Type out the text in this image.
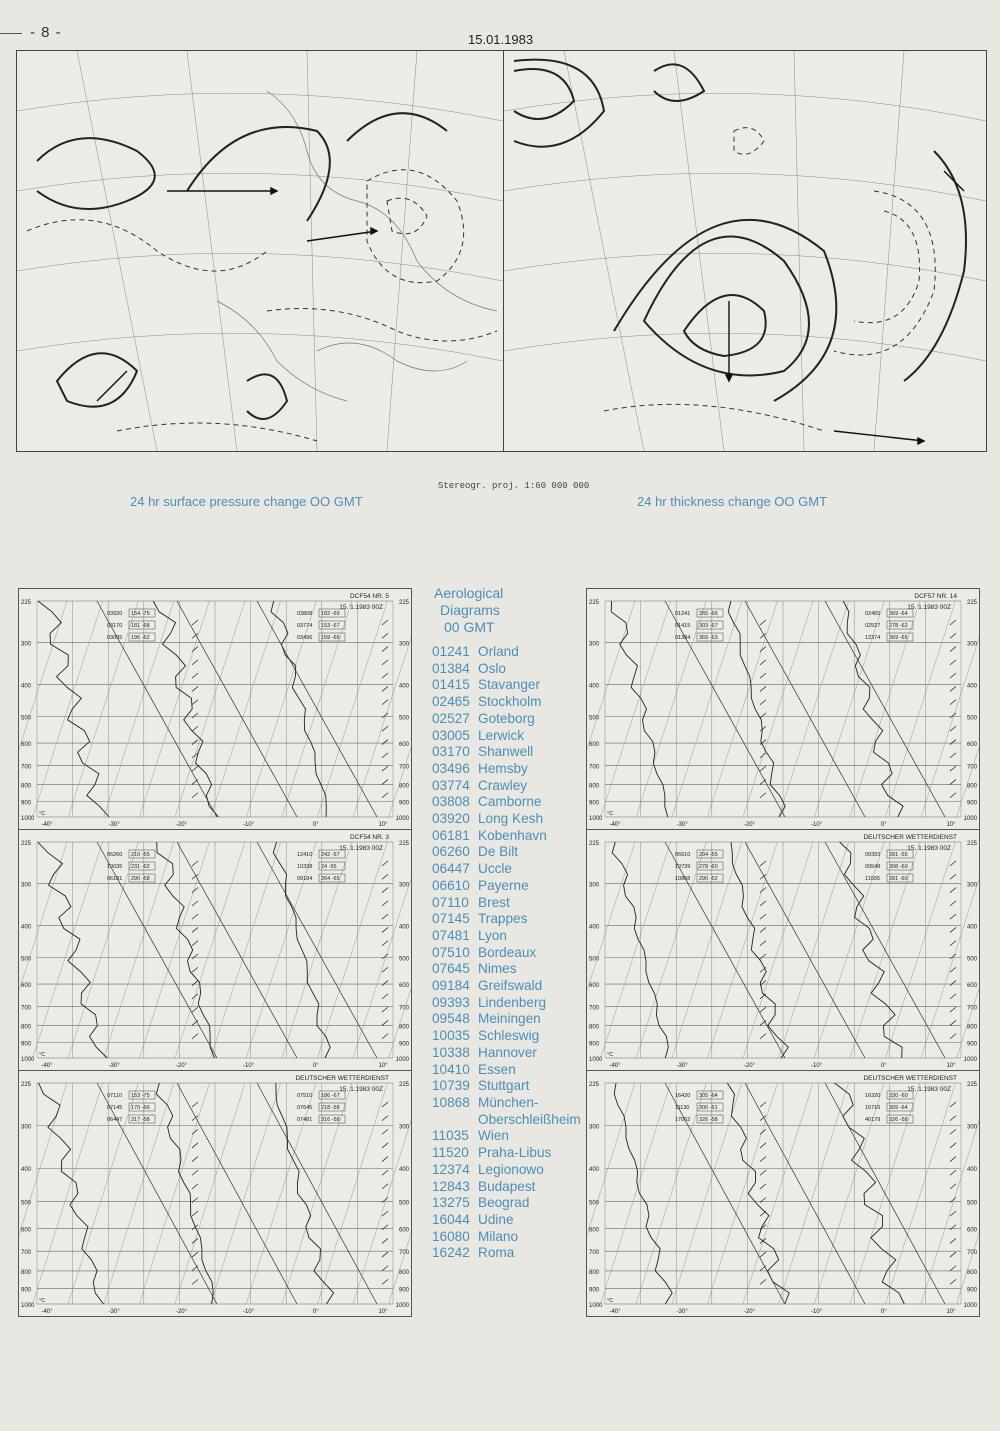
- 8 -	15.01.1983
Stereogr. proj. 1:60 000 000
24 hr surface pressure change OO GMT	24 hr thickness change OO GMT
225	225
300	300
400	400
500	500
600	600
700	700
800	800
900	900
1000	1000
-40°	-30°	-20°	-10°	0°	10°
DCF54 NR. 5
15. 1.1983 00Z
03920 154 -75
03170 181 -68
03005 196 -62
03808 182 -69
03774 153 -67
03496 159 -66
°C
225	225
300	300
400	400
500	500
600	600
700	700
800	800
900	900
1000	1000
-40°	-30°	-20°	-10°	0°	10°
DCF54 NR. 3
15. 1.1983 00Z
06260 210 -55
10035 231 -62
06181 290 -58
12410 242 -57
10338 24 -55
09184 264 -65
°C
225	225
300	300
400	400
500	500
600	600
700	700
800	800
900	900
1000	1000
-40°	-30°	-20°	-10°	0°	10°
DEUTSCHER WETTERDIENST
15. 1.1983 00Z
07110 153 -75
07145 170 -66
06447 317 -58
07510 186 -67
07645 218 -58
07481 316 -58
°C
225	225
300	300
400	400
500	500
600	600
700	700
800	800
900	900
1000	1000
-40°	-30°	-20°	-10°	0°	10°
DCF57 NR. 14
15. 1.1983 00Z
01241 265 -66
01415 303 -67
01384 369 -63
02465 369 -64
02527 278 -62
12374 369 -65
°C
225	225
300	300
400	400
500	500
600	600
700	700
800	800
900	900
1000	1000
-40°	-30°	-20°	-10°	0°	10°
DEUTSCHER WETTERDIENST
15. 1.1983 00Z
06610 294 -55
10739 278 -60
10868 290 -52
09393 281 -55
09548 308 -60
11035 281 -60
°C
225	225
300	300
400	400
500	500
600	600
700	700
800	800
900	900
1000	1000
-40°	-30°	-20°	-10°	0°	10°
DEUTSCHER WETTERDIENST
15. 1.1983 00Z
16420 305 -64
11130 300 -61
17062 326 -58
16320 330 -60
16716 309 -64
40179 326 -58
°C
Aerological
Diagrams
00 GMT
01241 Orland
01384 Oslo
01415 Stavanger
02465 Stockholm
02527 Goteborg
03005 Lerwick
03170 Shanwell
03496 Hemsby
03774 Crawley
03808 Camborne
03920 Long Kesh
06181 Kobenhavn
06260 De Bilt
06447 Uccle
06610 Payerne
07110 Brest
07145 Trappes
07481 Lyon
07510 Bordeaux
07645 Nimes
09184 Greifswald
09393 Lindenberg
09548 Meiningen
10035 Schleswig
10338 Hannover
10410 Essen
10739 Stuttgart
10868 München-
Oberschleißheim
11035 Wien
11520 Praha-Libus
12374 Legionowo
12843 Budapest
13275 Beograd
16044 Udine
16080 Milano
16242 Roma
